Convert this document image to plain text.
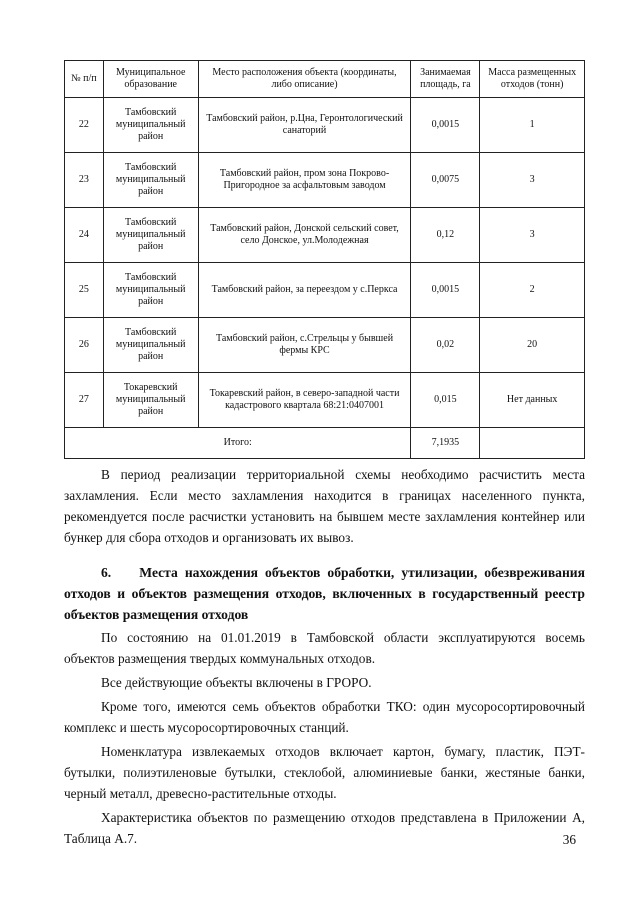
№ п/п	Муниципальное образование	Место расположения объекта (координаты, либо описание)	Занимаемая площадь, га	Масса размещенных отходов (тонн)
22	Тамбовский муниципальный район	Тамбовский район, р.Цна, Геронтологический санаторий	0,0015	1
23	Тамбовский муниципальный район	Тамбовский район, пром зона Покрово-Пригородное за асфальтовым заводом	0,0075	3
24	Тамбовский муниципальный район	Тамбовский район, Донской сельский совет, село Донское, ул.Молодежная	0,12	3
25	Тамбовский муниципальный район	Тамбовский район, за переездом у с.Перкса	0,0015	2
26	Тамбовский муниципальный район	Тамбовский район, с.Стрельцы у бывшей фермы КРС	0,02	20
27	Токаревский муниципальный район	Токаревский район, в северо-западной части кадастрового квартала 68:21:0407001	0,015	Нет данных
Итого:			7,1935	

В период реализации территориальной схемы необходимо расчистить места захламления. Если место захламления находится в границах населенного пункта, рекомендуется после расчистки установить на бывшем месте захламления контейнер или бункер для сбора отходов и организовать их вывоз.

6.    Места нахождения объектов обработки, утилизации, обезвреживания отходов и объектов размещения отходов, включенных в государственный реестр объектов размещения отходов

По состоянию на 01.01.2019 в Тамбовской области эксплуатируются восемь объектов размещения твердых коммунальных отходов.

Все действующие объекты включены в ГРОРО.

Кроме того, имеются семь объектов обработки ТКО: один мусоросортировочный комплекс и шесть мусоросортировочных станций.

Номенклатура извлекаемых отходов включает картон, бумагу, пластик, ПЭТ-бутылки, полиэтиленовые бутылки, стеклобой, алюминиевые банки, жестяные банки, черный металл, древесно-растительные отходы.

Характеристика объектов по размещению отходов представлена в Приложении А, Таблица А.7.	36
